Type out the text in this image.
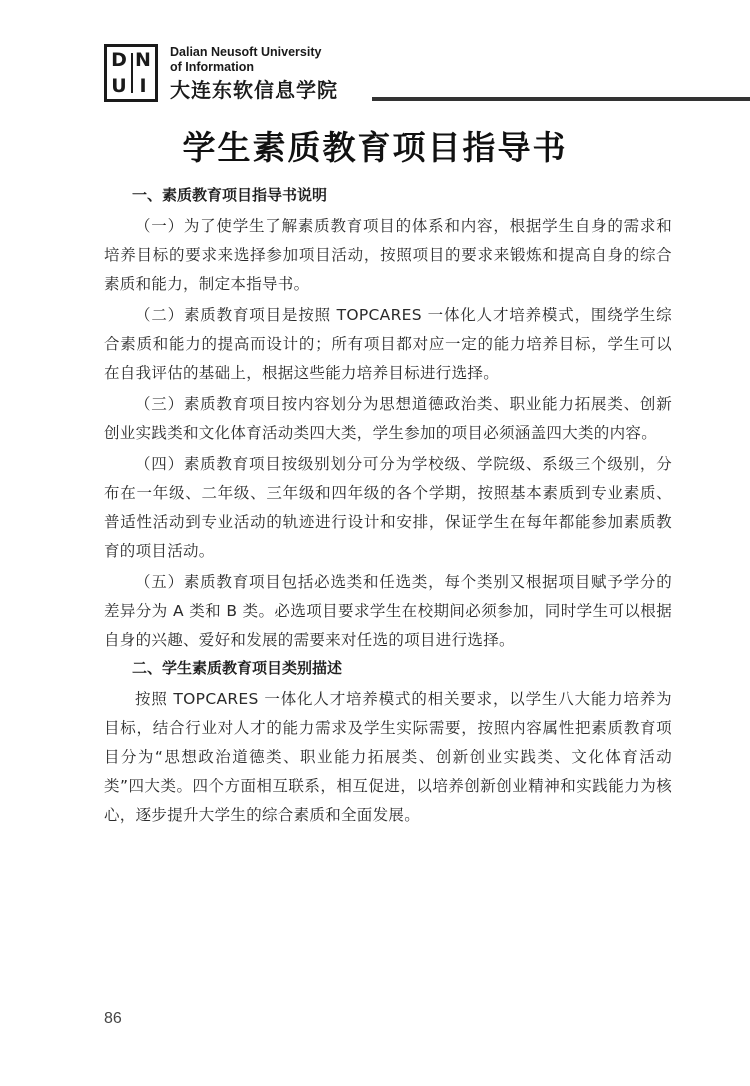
D N
U I
Dalian Neusoft University
of Information
大连东软信息学院
学生素质教育项目指导书
一、素质教育项目指导书说明

（一）为了使学生了解素质教育项目的体系和内容，根据学生自身的需求和培养目标的要求来选择参加项目活动，按照项目的要求来锻炼和提高自身的综合素质和能力，制定本指导书。

（二）素质教育项目是按照 TOPCARES 一体化人才培养模式，围绕学生综合素质和能力的提高而设计的；所有项目都对应一定的能力培养目标，学生可以在自我评估的基础上，根据这些能力培养目标进行选择。

（三）素质教育项目按内容划分为思想道德政治类、职业能力拓展类、创新创业实践类和文化体育活动类四大类，学生参加的项目必须涵盖四大类的内容。

（四）素质教育项目按级别划分可分为学校级、学院级、系级三个级别，分布在一年级、二年级、三年级和四年级的各个学期，按照基本素质到专业素质、普适性活动到专业活动的轨迹进行设计和安排，保证学生在每年都能参加素质教育的项目活动。

（五）素质教育项目包括必选类和任选类，每个类别又根据项目赋予学分的差异分为 A 类和 B 类。必选项目要求学生在校期间必须参加，同时学生可以根据自身的兴趣、爱好和发展的需要来对任选的项目进行选择。

二、学生素质教育项目类别描述

按照 TOPCARES 一体化人才培养模式的相关要求，以学生八大能力培养为目标，结合行业对人才的能力需求及学生实际需要，按照内容属性把素质教育项目分为“思想政治道德类、职业能力拓展类、创新创业实践类、文化体育活动类”四大类。四个方面相互联系，相互促进，以培养创新创业精神和实践能力为核心，逐步提升大学生的综合素质和全面发展。

86
